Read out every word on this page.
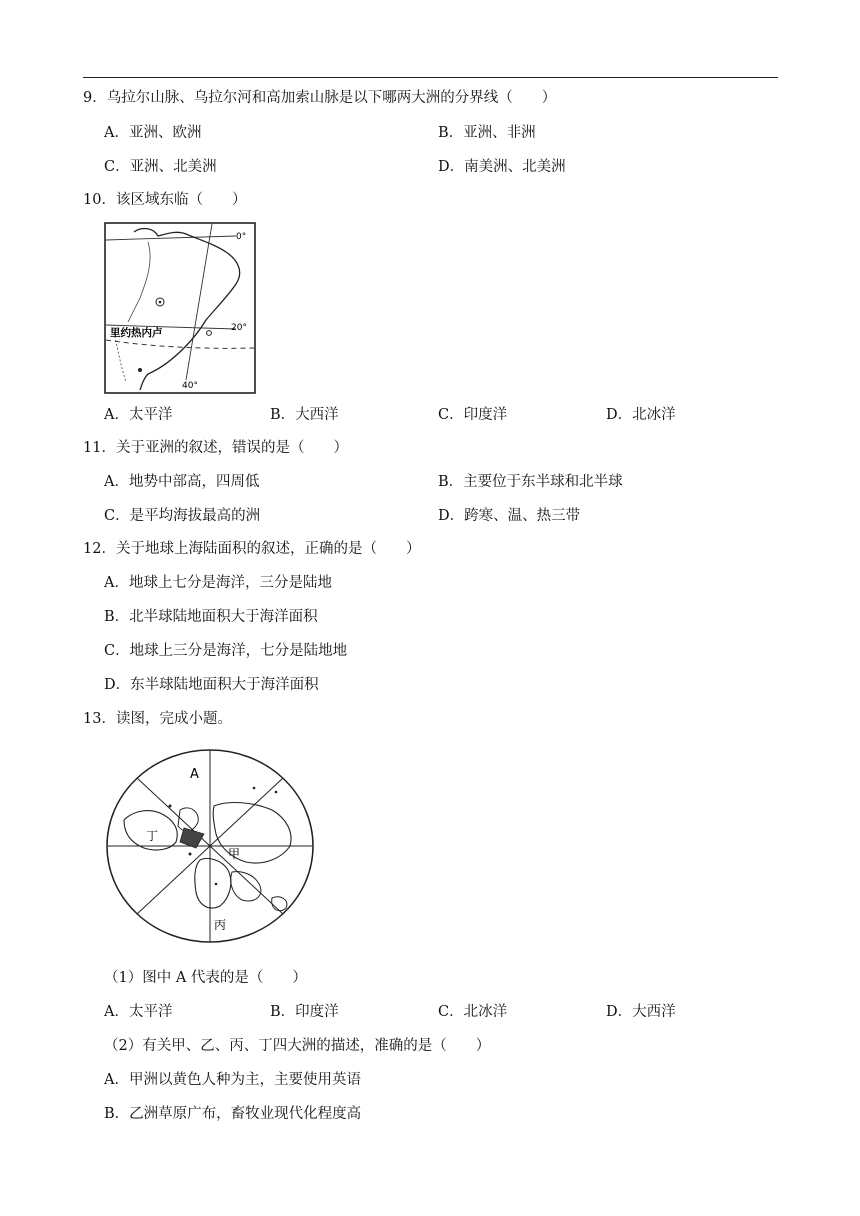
9．乌拉尔山脉、乌拉尔河和高加索山脉是以下哪两大洲的分界线（　　）
A．亚洲、欧洲	B．亚洲、非洲
C．亚洲、北美洲	D．南美洲、北美洲
10．该区域东临（　　）
0°
20°
40°
里约热内卢
A．太平洋	B．大西洋	C．印度洋	D．北冰洋
11．关于亚洲的叙述，错误的是（　　）
A．地势中部高，四周低	B．主要位于东半球和北半球
C．是平均海拔最高的洲	D．跨寒、温、热三带
12．关于地球上海陆面积的叙述，正确的是（　　）
A．地球上七分是海洋，三分是陆地
B．北半球陆地面积大于海洋面积
C．地球上三分是海洋，七分是陆地地
D．东半球陆地面积大于海洋面积
13．读图，完成小题。
A
甲
丁
丙
（1）图中 A 代表的是（　　）
A．太平洋	B．印度洋	C．北冰洋	D．大西洋
（2）有关甲、乙、丙、丁四大洲的描述，准确的是（　　）
A．甲洲以黄色人种为主，主要使用英语
B．乙洲草原广布，畜牧业现代化程度高
